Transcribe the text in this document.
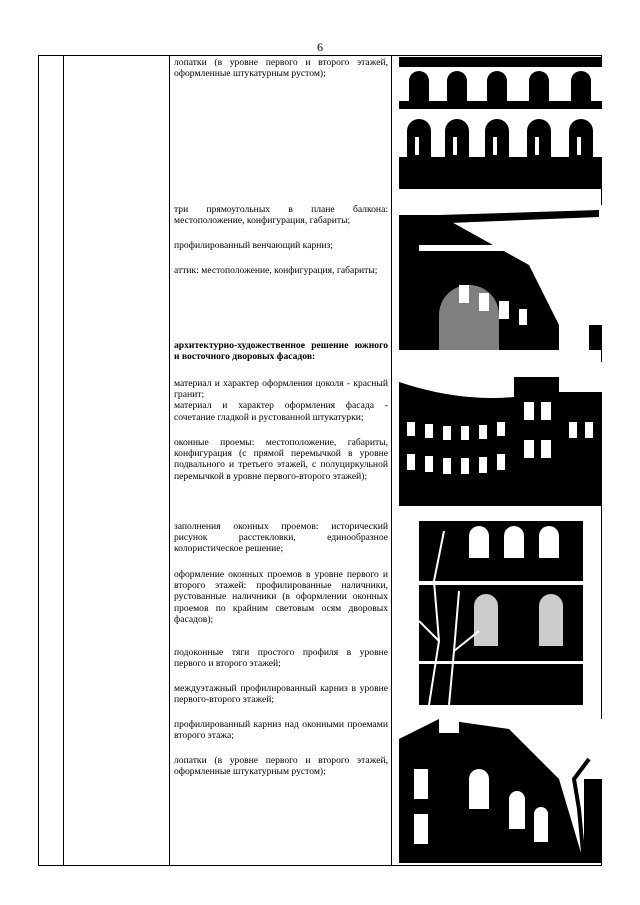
6

лопатки (в уровне первого и второго этажей, оформленные штукатурным рустом);

три прямоугольных в плане балкона: местоположение, конфигурация, габариты;

профилированный венчающий карниз;

аттик: местоположение, конфигурация, габариты;

архитектурно-художественное решение южного и восточного дворовых фасадов:

материал и характер оформления цоколя - красный гранит;

материал и характер оформления фасада - сочетание гладкой и рустованной штукатурки;

оконные проемы: местоположение, габариты, конфигурация (с прямой перемычкой в уровне подвального и третьего этажей, с полуциркульной перемычкой в уровне первого-второго этажей);

заполнения оконных проемов: исторический рисунок расстекловки, единообразное колористическое решение;

оформление оконных проемов в уровне первого и второго этажей: профилированные наличники, рустованные наличники (в оформлении оконных проемов по крайним световым осям дворовых фасадов);

подоконные тяги простого профиля в уровне первого и второго этажей;

междуэтажный профилированный карниз в уровне первого-второго этажей;

профилированный карниз над оконными проемами второго этажа;

лопатки (в уровне первого и второго этажей, оформленные штукатурным рустом);
